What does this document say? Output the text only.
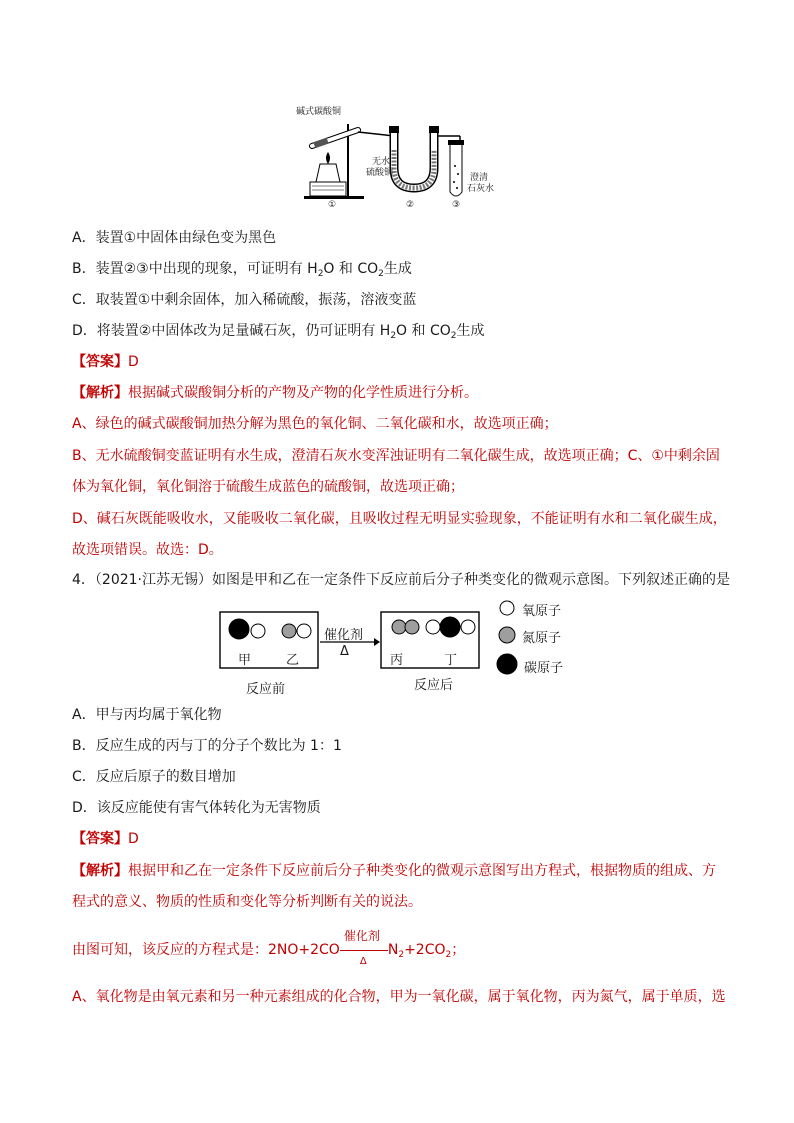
碱式碳酸铜
无水
硫酸铜	澄清
石灰水
①	②	③
A．装置①中固体由绿色变为黑色
B．装置②③中出现的现象，可证明有 $H_2O$ 和 $CO_2$生成
C．取装置①中剩余固体，加入稀硫酸，振荡，溶液变蓝
D．将装置②中固体改为足量碱石灰，仍可证明有 $H_2O$ 和 $CO_2$生成
【答案】D
【解析】根据碱式碳酸铜分析的产物及产物的化学性质进行分析。
A、绿色的碱式碳酸铜加热分解为黑色的氧化铜、二氧化碳和水，故选项正确；
B、无水硫酸铜变蓝证明有水生成，澄清石灰水变浑浊证明有二氧化碳生成，故选项正确；C、①中剩余固
体为氧化铜，氧化铜溶于硫酸生成蓝色的硫酸铜，故选项正确；
D、碱石灰既能吸收水，又能吸收二氧化碳，且吸收过程无明显实验现象，不能证明有水和二氧化碳生成，
故选项错误。故选：D。
4．（2021·江苏无锡）如图是甲和乙在一定条件下反应前后分子种类变化的微观示意图。下列叙述正确的是
甲	乙	丙	丁
催化剂
Δ
反应前	反应后
氧原子
氮原子
碳原子
A．甲与丙均属于氧化物
B．反应生成的丙与丁的分子个数比为 1：1
C．反应后原子的数目增加
D．该反应能使有害气体转化为无害物质
【答案】D
【解析】根据甲和乙在一定条件下反应前后分子种类变化的微观示意图写出方程式，根据物质的组成、方
程式的意义、物质的性质和变化等分析判断有关的说法。
由图可知，该反应的方程式是：2NO+2CO
催化剂
Δ
$N_2+2CO_2$；
A、氧化物是由氧元素和另一种元素组成的化合物，甲为一氧化碳，属于氧化物，丙为氮气，属于单质，选
